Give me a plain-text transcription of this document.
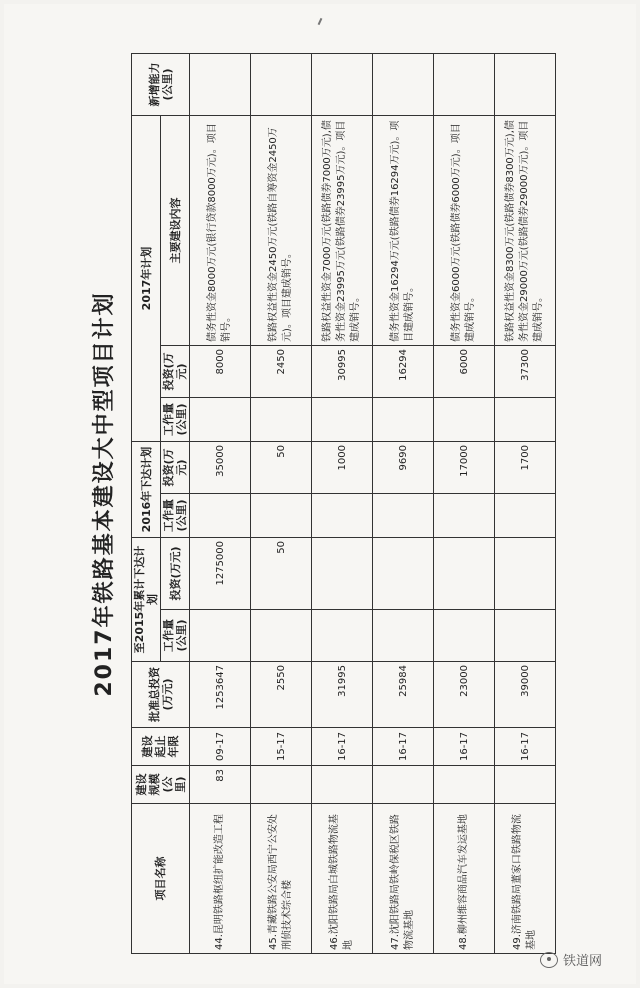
2017年铁路基本建设大中型项目计划
项目名称	建设规模(公里)	建设起止年限	批准总投资(万元)	至2015年累计下达计划		2016年下达计划		2017年计划			新增能力(公里)
				工作量(公里)	投资(万元)	工作量(公里)	投资(万元)	工作量(公里)	投资(万元)	主要建设内容	
44.昆明铁路枢纽扩能改造工程	83	09-17	1253647		1275000		35000		8000	债务性资金8000万元(银行贷款8000万元)。项目销号。	
45.青藏铁路公安局西宁公安处刑侦技术综合楼		15-17	2550		50		50		2450	铁路权益性资金2450万元(铁路自筹资金2450万元)。项目建成销号。	
46.沈阳铁路局白城铁路物流基地		16-17	31995				1000		30995	铁路权益性资金7000万元(铁路债券7000万元),债务性资金23995万元(铁路债券23995万元)。项目建成销号。	
47.沈阳铁路局铁岭保税区铁路物流基地		16-17	25984				9690		16294	债务性资金16294万元(铁路债券16294万元)。项目建成销号。	
48.柳州维容商品汽车发运基地		16-17	23000				17000		6000	债务性资金6000万元(铁路债券6000万元)。项目建成销号。	
49.济南铁路局董家口铁路物流基地		16-17	39000				1700		37300	铁路权益性资金8300万元(铁路债券8300万元),债务性资金29000万元(铁路债券29000万元)。项目建成销号。	
铁道网
